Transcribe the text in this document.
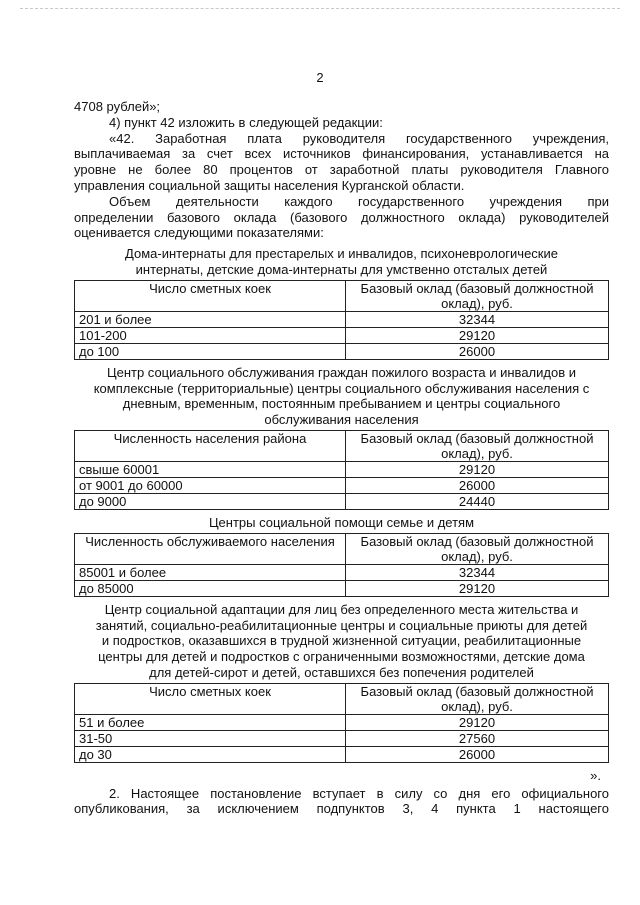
2

4708 рублей»;

4) пункт 42 изложить в следующей редакции:

«42. Заработная плата руководителя государственного учреждения,
выплачиваемая за счет всех источников финансирования, устанавливается на
уровне не более 80 процентов от заработной платы руководителя Главного
управления социальной защиты населения Курганской области.
Объем деятельности каждого государственного учреждения при
определении базового оклада (базового должностного оклада) руководителей
оценивается следующими показателями:
Дома-интернаты для престарелых и инвалидов, психоневрологические
интернаты, детские дома-интернаты для умственно отсталых детей
Число сметных коек	Базовый оклад (базовый должностной оклад), руб.
201 и более	32344
101-200	29120
до 100	26000
Центр социального обслуживания граждан пожилого возраста и инвалидов и
комплексные (территориальные) центры социального обслуживания населения с
дневным, временным, постоянным пребыванием и центры социального
обслуживания населения
Численность населения района	Базовый оклад (базовый должностной оклад), руб.
свыше 60001	29120
от 9001 до 60000	26000
до 9000	24440
Центры социальной помощи семье и детям
Численность обслуживаемого населения	Базовый оклад (базовый должностной оклад), руб.
85001 и более	32344
до 85000	29120
Центр социальной адаптации для лиц без определенного места жительства и
занятий, социально-реабилитационные центры и социальные приюты для детей
и подростков, оказавшихся в трудной жизненной ситуации, реабилитационные
центры для детей и подростков с ограниченными возможностями, детские дома
для детей-сирот и детей, оставшихся без попечения родителей
Число сметных коек	Базовый оклад (базовый должностной оклад), руб.
51 и более	29120
31-50	27560
до 30	26000
».
2. Настоящее постановление вступает в силу со дня его официального
опубликования, за исключением подпунктов 3, 4 пункта 1 настоящего
